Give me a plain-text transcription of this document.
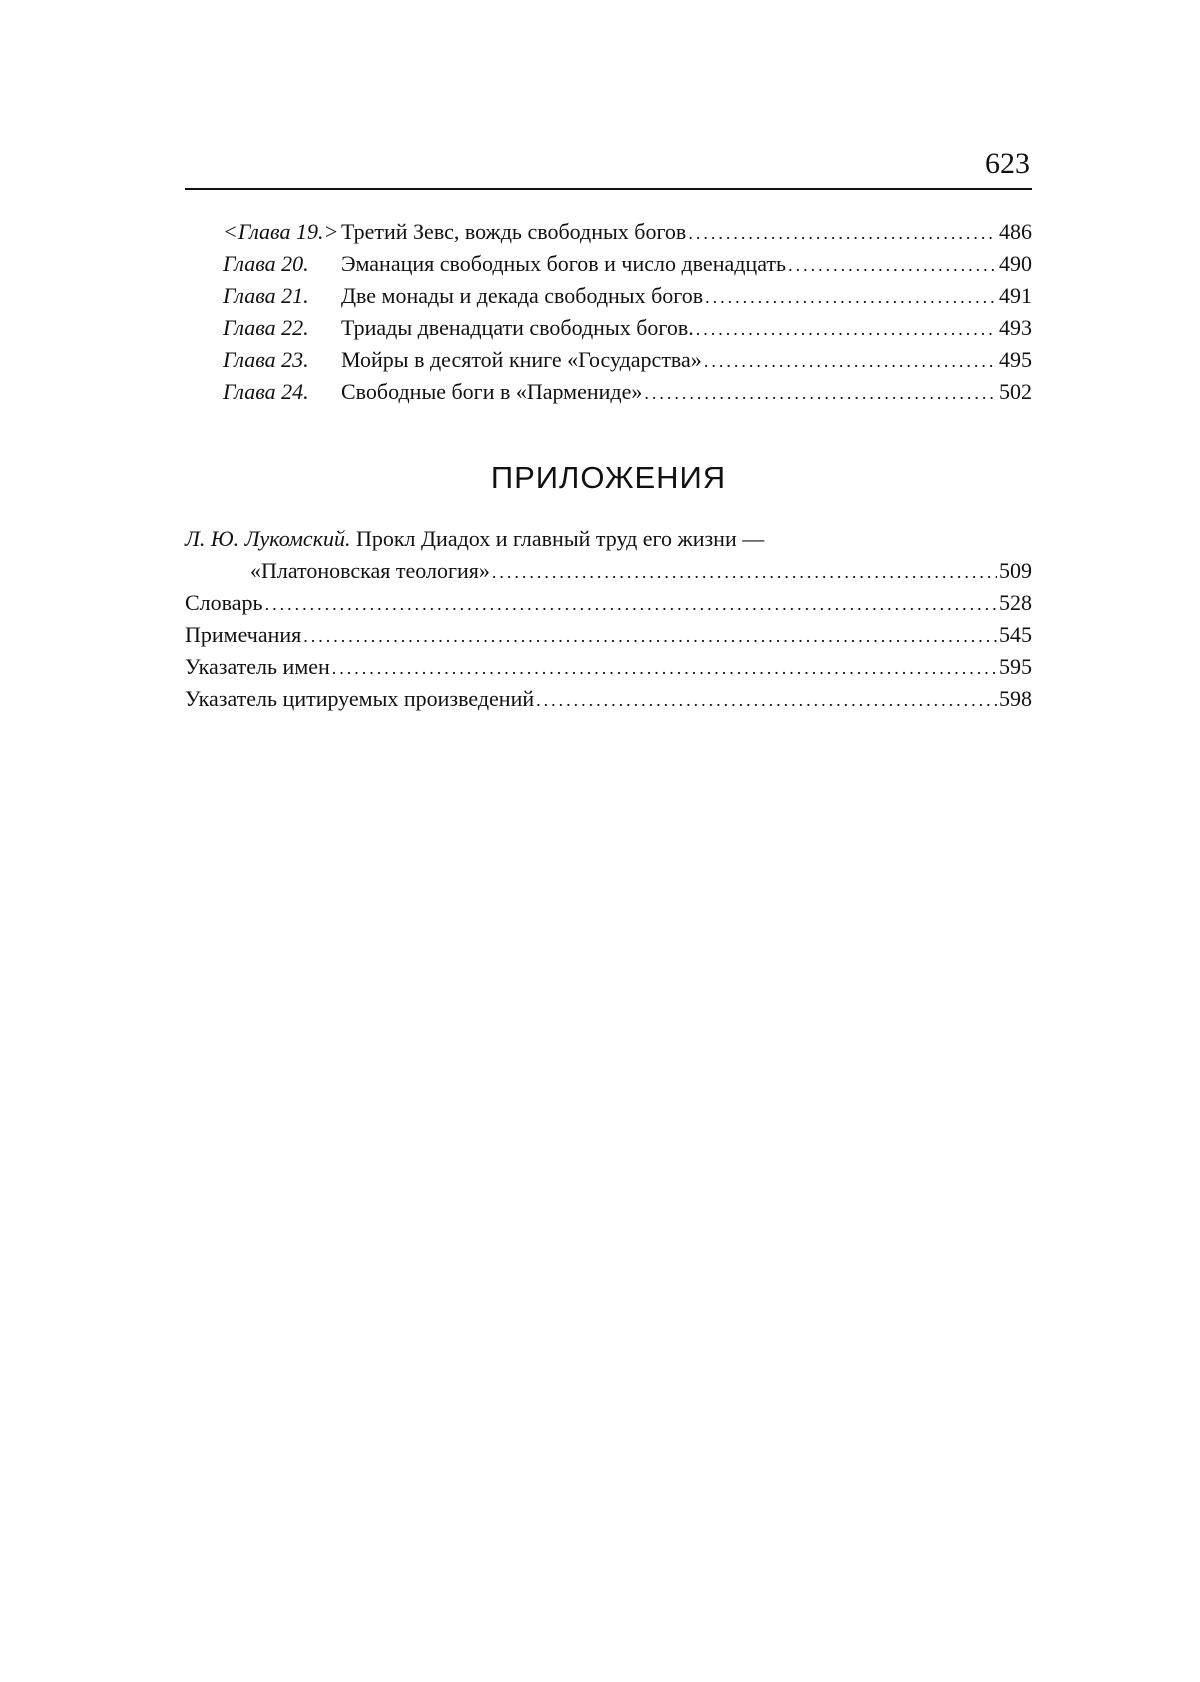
623
<Глава 19.> Третий Зевс, вождь свободных богов .....	486
Глава 20.	Эманация свободных богов и число двенадцать .....	490
Глава 21.	Две монады и декада свободных богов .....	491
Глава 22.	Триады двенадцати свободных богов. .....	493
Глава 23.	Мойры в десятой книге «Государства» .....	495
Глава 24.	Свободные боги в «Пармениде» .....	502
ПРИЛОЖЕНИЯ
Л. Ю. Лукомский.
Прокл Диадох и главный труд его жизни —
«Платоновская теология» .....	509
Словарь .....	528
Примечания .....	545
Указатель имен .....	595
Указатель цитируемых произведений .....	598
